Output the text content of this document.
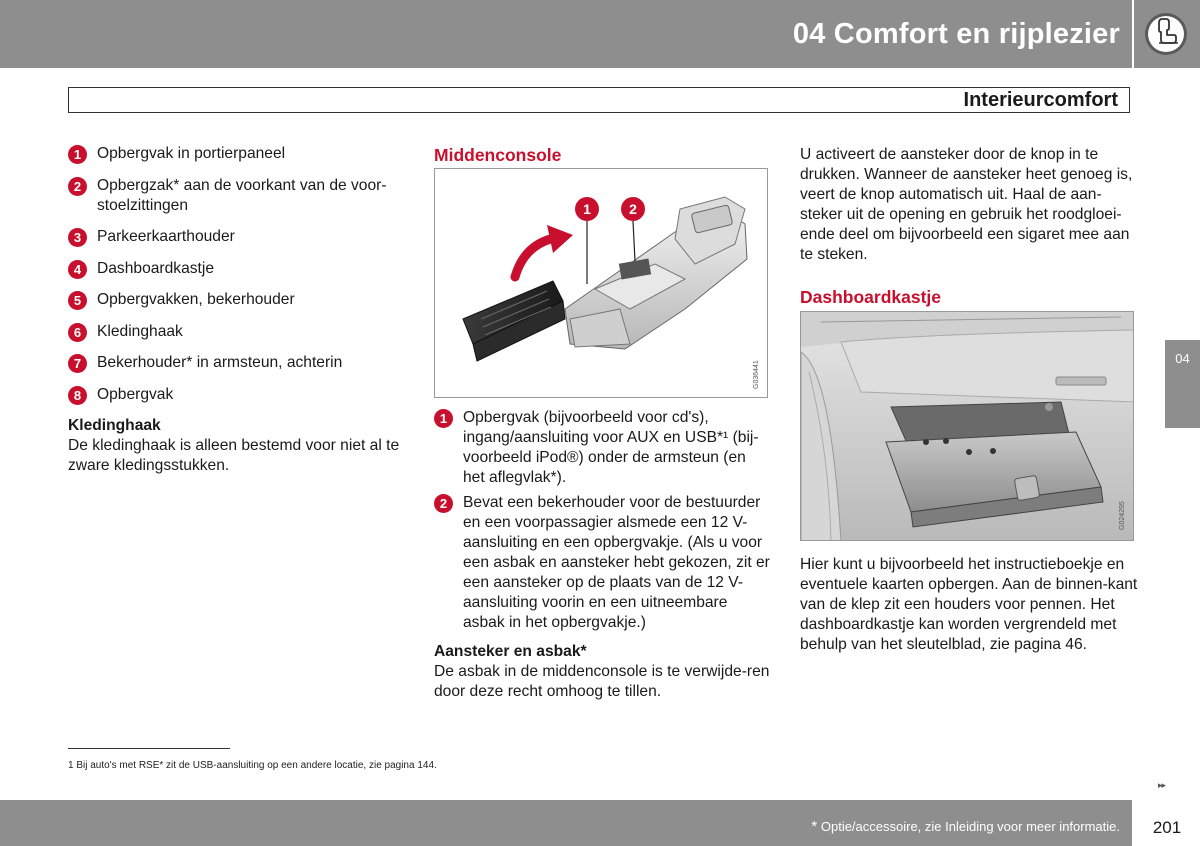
04 Comfort en rijplezier
Interieurcomfort
1	Opbergvak in portierpaneel
2	Opbergzak* aan de voorkant van de voor-stoelzittingen
3	Parkeerkaarthouder
4	Dashboardkastje
5	Opbergvakken, bekerhouder
6	Kledinghaak
7	Bekerhouder* in armsteun, achterin
8	Opbergvak
Kledinghaak
De kledinghaak is alleen bestemd voor niet al te zware kledingsstukken.
Middenconsole
1	2
G036441
1	Opbergvak (bijvoorbeeld voor cd's), ingang/aansluiting voor AUX en USB*¹ (bij-voorbeeld iPod®) onder de armsteun (en het aflegvlak*).
2	Bevat een bekerhouder voor de bestuurder en een voorpassagier alsmede een 12 V-aansluiting en een opbergvakje. (Als u voor een asbak en aansteker hebt gekozen, zit er een aansteker op de plaats van de 12 V-aansluiting voorin en een uitneembare asbak in het opbergvakje.)
Aansteker en asbak*
De asbak in de middenconsole is te verwijde-ren door deze recht omhoog te tillen.
U activeert de aansteker door de knop in te drukken. Wanneer de aansteker heet genoeg is, veert de knop automatisch uit. Haal de aan-steker uit de opening en gebruik het roodgloei-ende deel om bijvoorbeeld een sigaret mee aan te steken.
Dashboardkastje
G024295
Hier kunt u bijvoorbeeld het instructieboekje en eventuele kaarten opbergen. Aan de binnen-kant van de klep zit een houders voor pennen. Het dashboardkastje kan worden vergrendeld met behulp van het sleutelblad, zie pagina 46.
04
1 Bij auto's met RSE* zit de USB-aansluiting op een andere locatie, zie pagina 144.
▸▸
* Optie/accessoire, zie Inleiding voor meer informatie.	201
